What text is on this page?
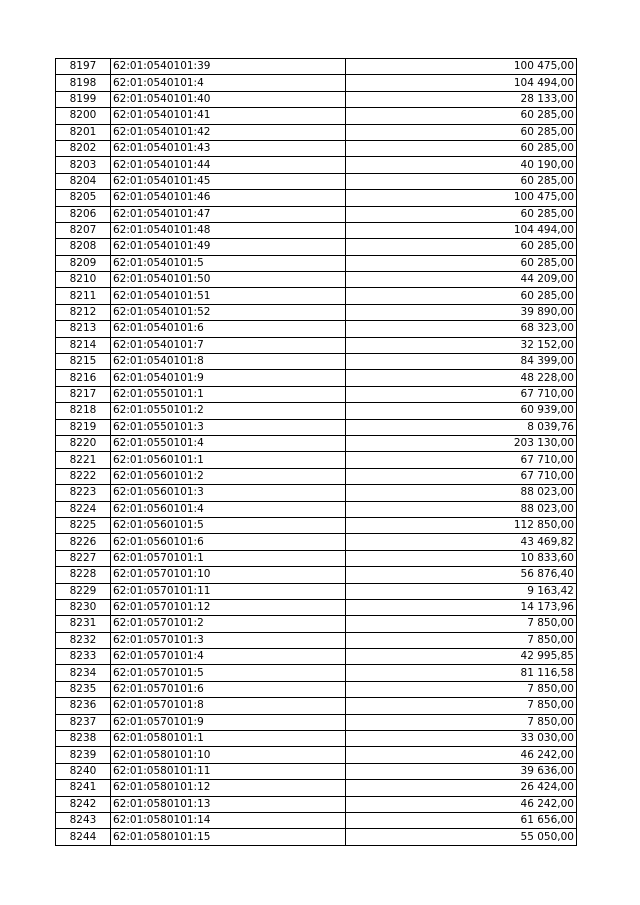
8197	62:01:0540101:39	100 475,00
8198	62:01:0540101:4	104 494,00
8199	62:01:0540101:40	28 133,00
8200	62:01:0540101:41	60 285,00
8201	62:01:0540101:42	60 285,00
8202	62:01:0540101:43	60 285,00
8203	62:01:0540101:44	40 190,00
8204	62:01:0540101:45	60 285,00
8205	62:01:0540101:46	100 475,00
8206	62:01:0540101:47	60 285,00
8207	62:01:0540101:48	104 494,00
8208	62:01:0540101:49	60 285,00
8209	62:01:0540101:5	60 285,00
8210	62:01:0540101:50	44 209,00
8211	62:01:0540101:51	60 285,00
8212	62:01:0540101:52	39 890,00
8213	62:01:0540101:6	68 323,00
8214	62:01:0540101:7	32 152,00
8215	62:01:0540101:8	84 399,00
8216	62:01:0540101:9	48 228,00
8217	62:01:0550101:1	67 710,00
8218	62:01:0550101:2	60 939,00
8219	62:01:0550101:3	8 039,76
8220	62:01:0550101:4	203 130,00
8221	62:01:0560101:1	67 710,00
8222	62:01:0560101:2	67 710,00
8223	62:01:0560101:3	88 023,00
8224	62:01:0560101:4	88 023,00
8225	62:01:0560101:5	112 850,00
8226	62:01:0560101:6	43 469,82
8227	62:01:0570101:1	10 833,60
8228	62:01:0570101:10	56 876,40
8229	62:01:0570101:11	9 163,42
8230	62:01:0570101:12	14 173,96
8231	62:01:0570101:2	7 850,00
8232	62:01:0570101:3	7 850,00
8233	62:01:0570101:4	42 995,85
8234	62:01:0570101:5	81 116,58
8235	62:01:0570101:6	7 850,00
8236	62:01:0570101:8	7 850,00
8237	62:01:0570101:9	7 850,00
8238	62:01:0580101:1	33 030,00
8239	62:01:0580101:10	46 242,00
8240	62:01:0580101:11	39 636,00
8241	62:01:0580101:12	26 424,00
8242	62:01:0580101:13	46 242,00
8243	62:01:0580101:14	61 656,00
8244	62:01:0580101:15	55 050,00
